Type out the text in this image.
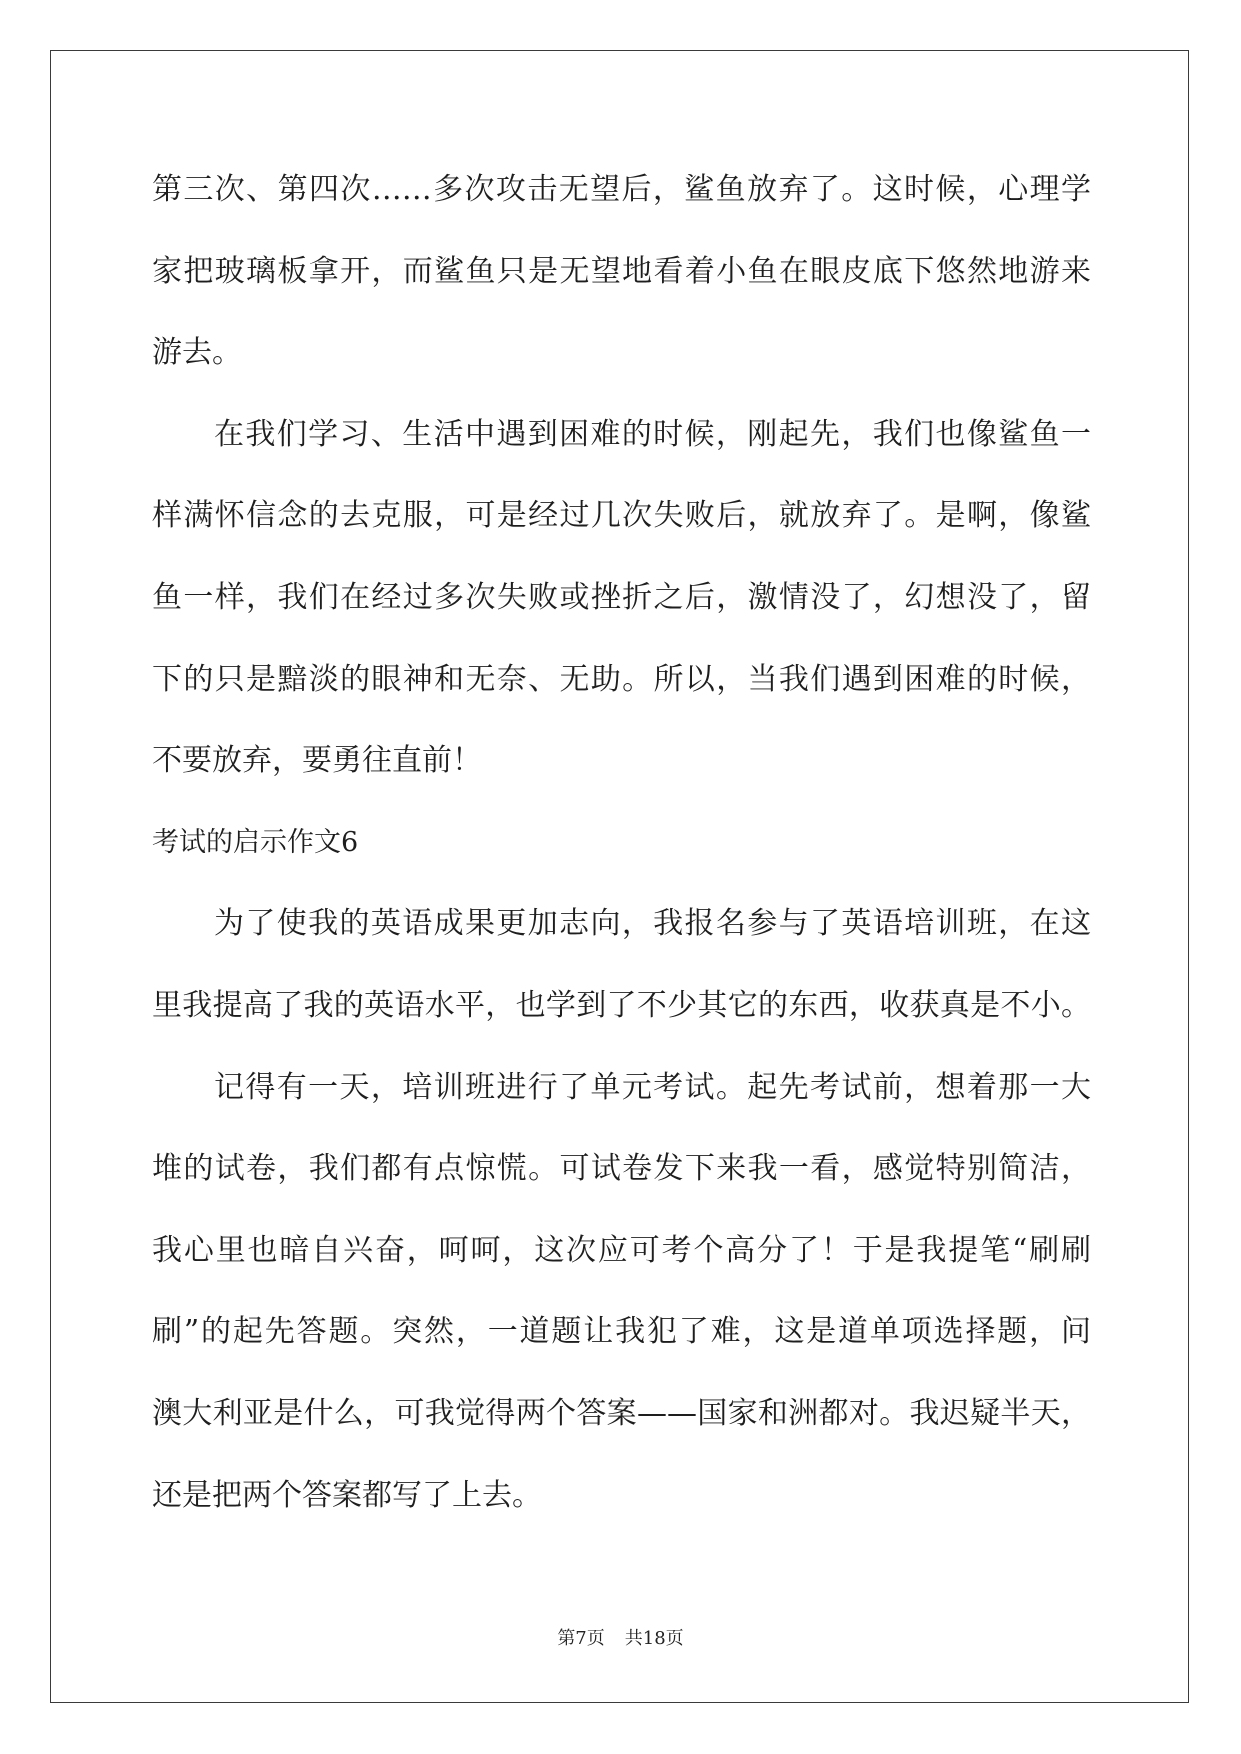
第三次、第四次……多次攻击无望后，鲨鱼放弃了。这时候，心理学
家把玻璃板拿开，而鲨鱼只是无望地看着小鱼在眼皮底下悠然地游来
游去。
在我们学习、生活中遇到困难的时候，刚起先，我们也像鲨鱼一
样满怀信念的去克服，可是经过几次失败后，就放弃了。是啊，像鲨
鱼一样，我们在经过多次失败或挫折之后，激情没了，幻想没了，留
下的只是黯淡的眼神和无奈、无助。所以，当我们遇到困难的时候，
不要放弃，要勇往直前！
考试的启示作文6
为了使我的英语成果更加志向，我报名参与了英语培训班，在这
里我提高了我的英语水平，也学到了不少其它的东西，收获真是不小。
记得有一天，培训班进行了单元考试。起先考试前，想着那一大
堆的试卷，我们都有点惊慌。可试卷发下来我一看，感觉特别简洁，
我心里也暗自兴奋，呵呵，这次应可考个高分了！于是我提笔“刷刷
刷”的起先答题。突然，一道题让我犯了难，这是道单项选择题，问
澳大利亚是什么，可我觉得两个答案——国家和洲都对。我迟疑半天，
还是把两个答案都写了上去。
第7页 共18页
